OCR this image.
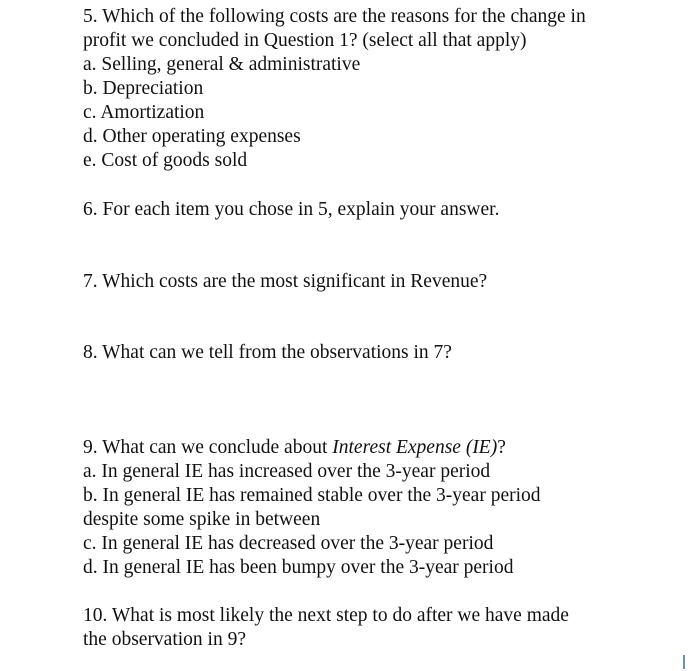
5. Which of the following costs are the reasons for the change in
profit we concluded in Question 1? (select all that apply)
a. Selling, general & administrative
b. Depreciation
c. Amortization
d. Other operating expenses
e. Cost of goods sold
6. For each item you chose in 5, explain your answer.
7. Which costs are the most significant in Revenue?
8. What can we tell from the observations in 7?
9. What can we conclude about Interest Expense (IE)?
a. In general IE has increased over the 3-year period
b. In general IE has remained stable over the 3-year period
despite some spike in between
c. In general IE has decreased over the 3-year period
d. In general IE has been bumpy over the 3-year period
10. What is most likely the next step to do after we have made
the observation in 9?
